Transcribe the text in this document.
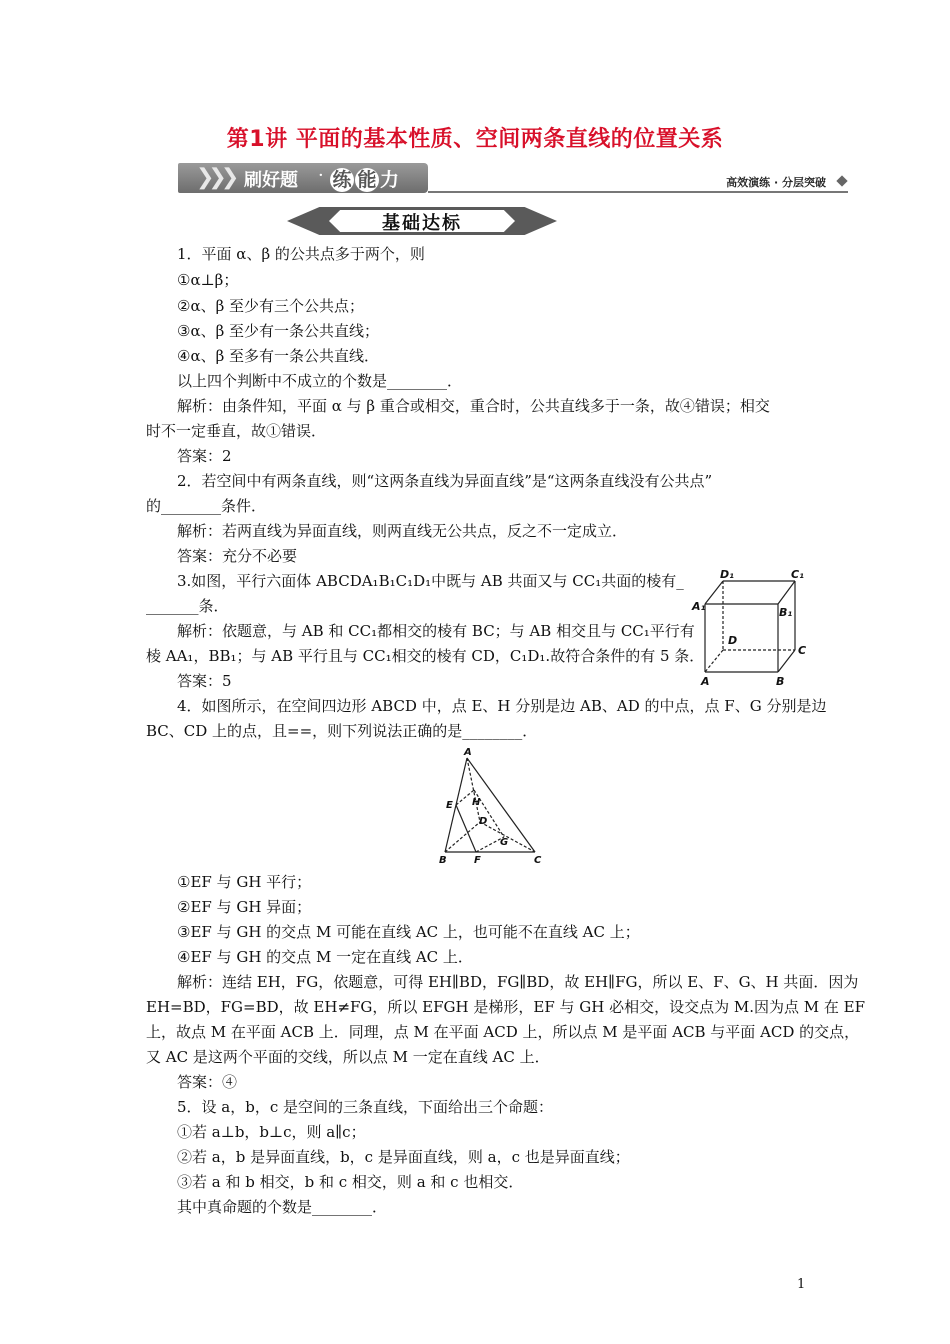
第1讲 平面的基本性质、空间两条直线的位置关系
❯❯❯ 刷好题 · 练 能 力	高效演练 · 分层突破
基础达标
1．平面 α、β 的公共点多于两个，则
①α⊥β；
②α、β 至少有三个公共点；
③α、β 至少有一条公共直线；
④α、β 至多有一条公共直线．
以上四个判断中不成立的个数是________．
解析：由条件知，平面 α 与 β 重合或相交，重合时，公共直线多于一条，故④错误；相交
时不一定垂直，故①错误．
答案：2
2．若空间中有两条直线，则“这两条直线为异面直线”是“这两条直线没有公共点”
的________条件．
解析：若两直线为异面直线，则两直线无公共点，反之不一定成立．
答案：充分不必要
3.如图，平行六面体 ABCDA₁B₁C₁D₁中既与 AB 共面又与 CC₁共面的棱有_
_______条．
解析：依题意，与 AB 和 CC₁都相交的棱有 BC；与 AB 相交且与 CC₁平行有
棱 AA₁，BB₁；与 AB 平行且与 CC₁相交的棱有 CD，C₁D₁.故符合条件的有 5 条．
答案：5
4．如图所示，在空间四边形 ABCD 中，点 E、H 分别是边 AB、AD 的中点，点 F、G 分别是边
BC、CD 上的点，且==，则下列说法正确的是________．
①EF 与 GH 平行；
②EF 与 GH 异面；
③EF 与 GH 的交点 M 可能在直线 AC 上，也可能不在直线 AC 上；
④EF 与 GH 的交点 M 一定在直线 AC 上．
解析：连结 EH，FG，依题意，可得 EH∥BD，FG∥BD，故 EH∥FG，所以 E、F、G、H 共面．因为
EH=BD，FG=BD，故 EH≠FG，所以 EFGH 是梯形，EF 与 GH 必相交，设交点为 M.因为点 M 在 EF
上，故点 M 在平面 ACB 上．同理，点 M 在平面 ACD 上，所以点 M 是平面 ACB 与平面 ACD 的交点，
又 AC 是这两个平面的交线，所以点 M 一定在直线 AC 上．
答案：④
5．设 a，b，c 是空间的三条直线，下面给出三个命题：
①若 a⊥b，b⊥c，则 a∥c；
②若 a，b 是异面直线，b，c 是异面直线，则 a，c 也是异面直线；
③若 a 和 b 相交，b 和 c 相交，则 a 和 c 也相交．
其中真命题的个数是________．
D₁	C₁
A₁	B₁
D
C
A	B
A
E H
D
G
B	F	C
1
